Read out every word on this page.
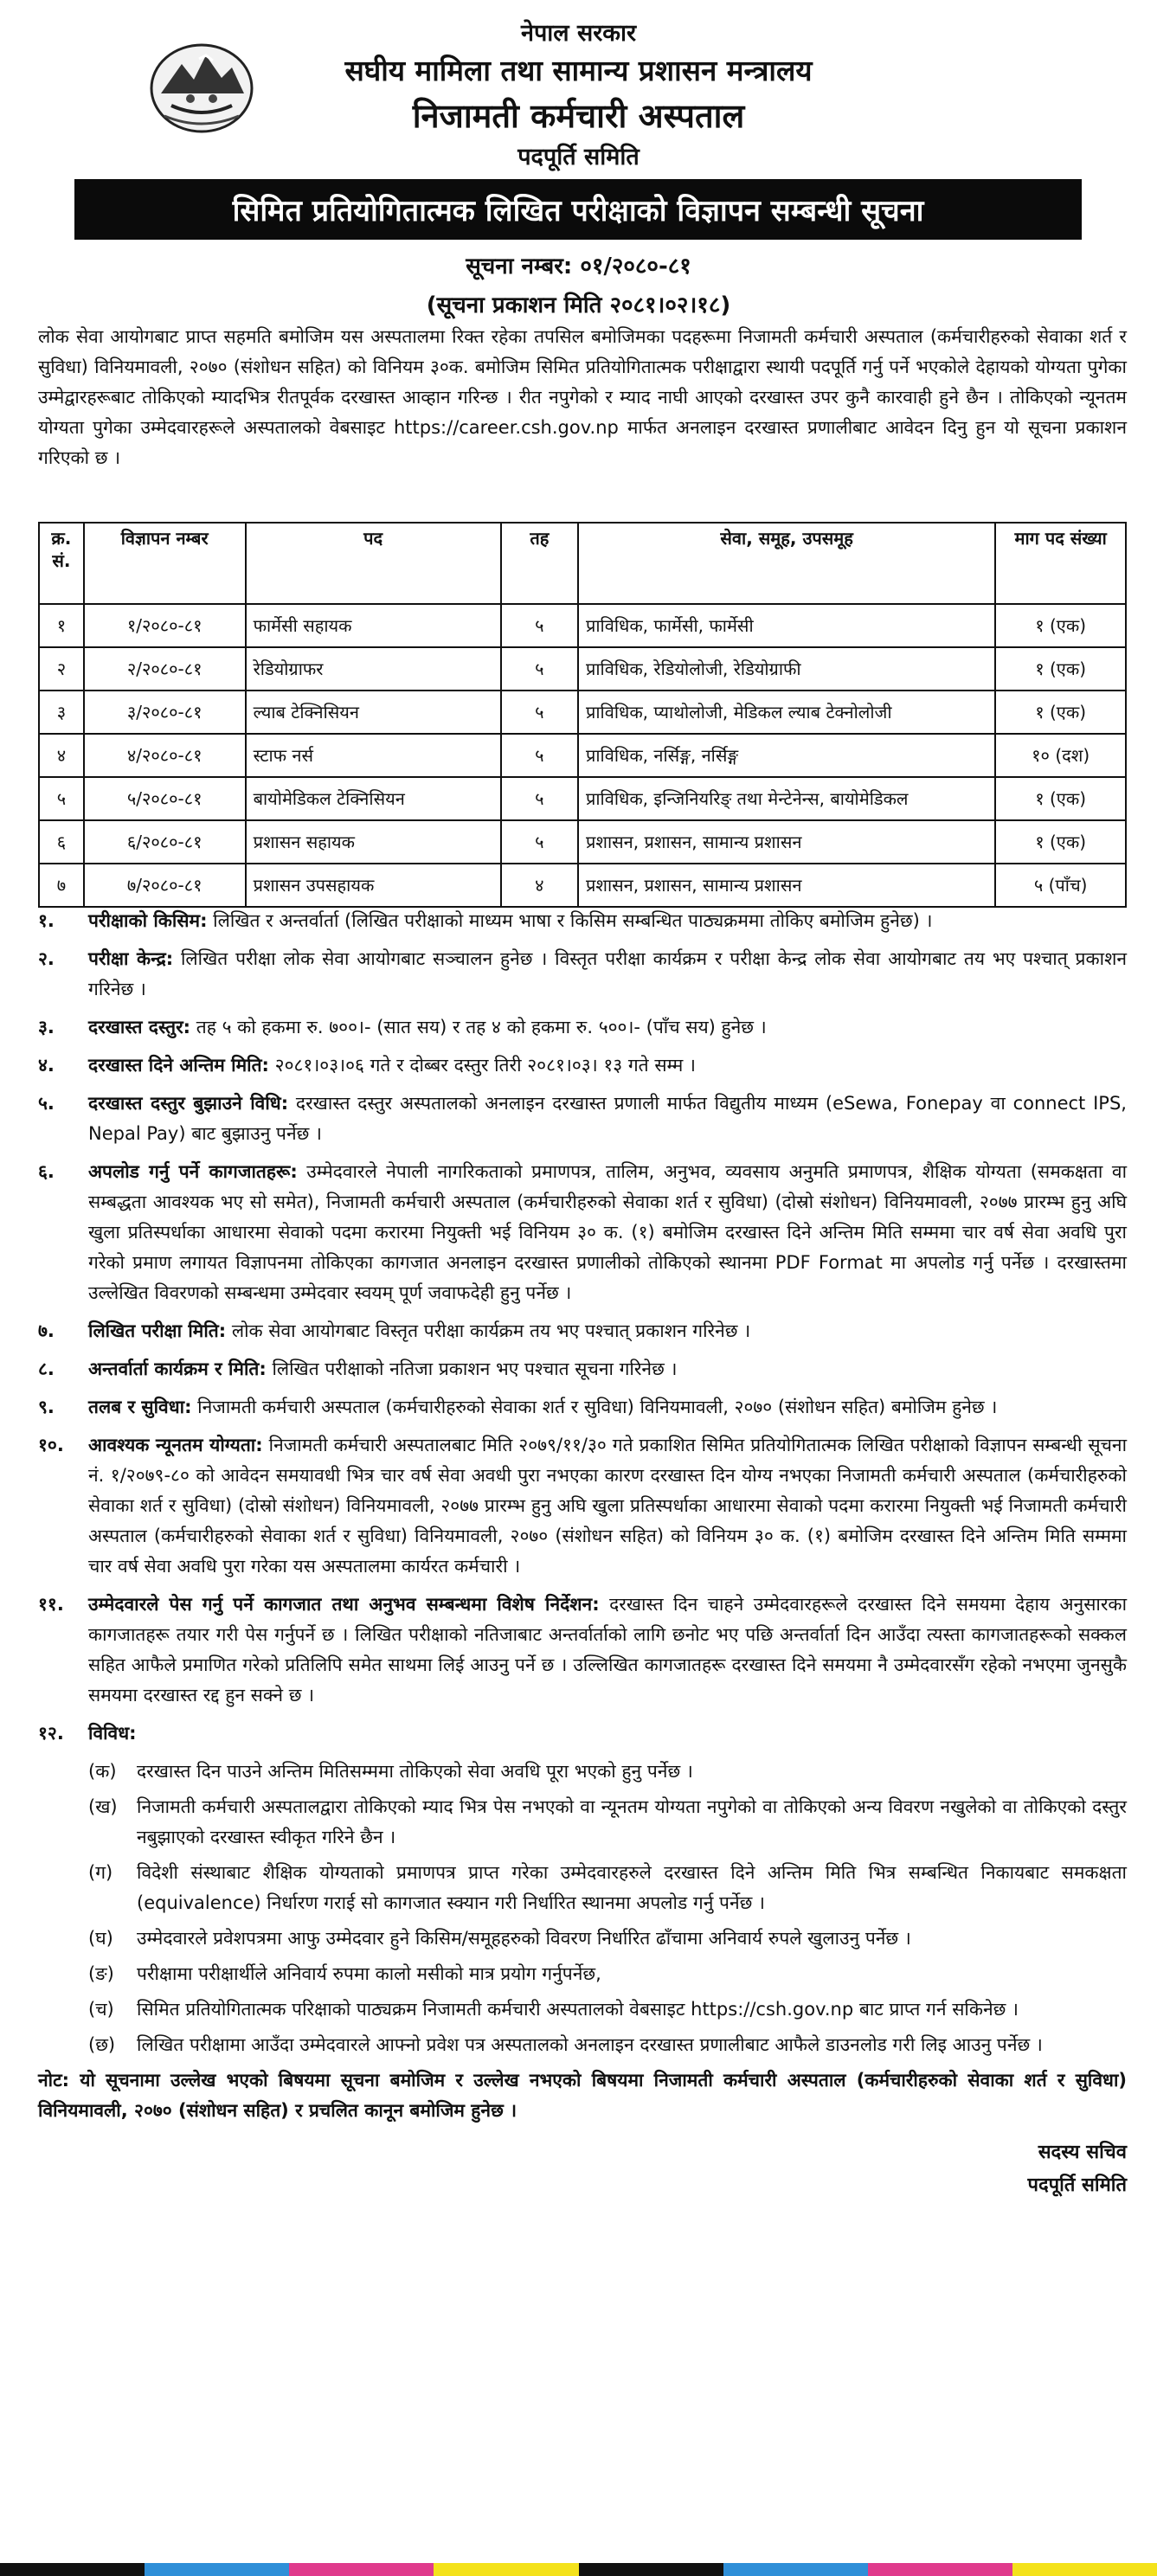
नेपाल सरकार
सघीय मामिला तथा सामान्य प्रशासन मन्त्रालय
निजामती कर्मचारी अस्पताल
पदपूर्ति समिति
सिमित प्रतियोगितात्मक लिखित परीक्षाको विज्ञापन सम्बन्धी सूचना
सूचना नम्बर: ०१/२०८०-८१
(सूचना प्रकाशन मिति २०८१।०२।१८)

लोक सेवा आयोगबाट प्राप्त सहमति बमोजिम यस अस्पतालमा रिक्त रहेका तपसिल बमोजिमका पदहरूमा निजामती कर्मचारी अस्पताल (कर्मचारीहरुको सेवाका शर्त र सुविधा) विनियमावली, २०७० (संशोधन सहित) को विनियम ३०क. बमोजिम सिमित प्रतियोगितात्मक परीक्षाद्वारा स्थायी पदपूर्ति गर्नु पर्ने भएकोले देहायको योग्यता पुगेका उम्मेद्वारहरूबाट तोकिएको म्यादभित्र रीतपूर्वक दरखास्त आव्हान गरिन्छ । रीत नपुगेको र म्याद नाघी आएको दरखास्त उपर कुनै कारवाही हुने छैन । तोकिएको न्यूनतम योग्यता पुगेका उम्मेदवारहरूले अस्पतालको वेबसाइट https://career.csh.gov.np मार्फत अनलाइन दरखास्त प्रणालीबाट आवेदन दिनु हुन यो सूचना प्रकाशन गरिएको छ ।

क्र. सं.	विज्ञापन नम्बर	पद	तह	सेवा, समूह, उपसमूह	माग पद संख्या
१	१/२०८०-८१	फार्मेसी सहायक	५	प्राविधिक, फार्मेसी, फार्मेसी	१ (एक)
२	२/२०८०-८१	रेडियोग्राफर	५	प्राविधिक, रेडियोलोजी, रेडियोग्राफी	१ (एक)
३	३/२०८०-८१	ल्याब टेक्निसियन	५	प्राविधिक, प्याथोलोजी, मेडिकल ल्याब टेक्नोलोजी	१ (एक)
४	४/२०८०-८१	स्टाफ नर्स	५	प्राविधिक, नर्सिङ्ग, नर्सिङ्ग	१० (दश)
५	५/२०८०-८१	बायोमेडिकल टेक्निसियन	५	प्राविधिक, इन्जिनियरिङ् तथा मेन्टेनेन्स, बायोमेडिकल	१ (एक)
६	६/२०८०-८१	प्रशासन सहायक	५	प्रशासन, प्रशासन, सामान्य प्रशासन	१ (एक)
७	७/२०८०-८१	प्रशासन उपसहायक	४	प्रशासन, प्रशासन, सामान्य प्रशासन	५ (पाँच)
१.	परीक्षाको किसिम: लिखित र अन्तर्वार्ता (लिखित परीक्षाको माध्यम भाषा र किसिम सम्बन्धित पाठ्यक्रममा तोकिए बमोजिम हुनेछ) ।
२.	परीक्षा केन्द्र: लिखित परीक्षा लोक सेवा आयोगबाट सञ्चालन हुनेछ । विस्तृत परीक्षा कार्यक्रम र परीक्षा केन्द्र लोक सेवा आयोगबाट तय भए पश्चात् प्रकाशन गरिनेछ ।
३.	दरखास्त दस्तुर: तह ५ को हकमा रु. ७००।- (सात सय) र तह ४ को हकमा रु. ५००।- (पाँच सय) हुनेछ ।
४.	दरखास्त दिने अन्तिम मिति: २०८१।०३।०६ गते र दोब्बर दस्तुर तिरी २०८१।०३। १३ गते सम्म ।
५.	दरखास्त दस्तुर बुझाउने विधि: दरखास्त दस्तुर अस्पतालको अनलाइन दरखास्त प्रणाली मार्फत विद्युतीय माध्यम (eSewa, Fonepay वा connect IPS, Nepal Pay) बाट बुझाउनु पर्नेछ ।
६.	अपलोड गर्नु पर्ने कागजातहरू: उम्मेदवारले नेपाली नागरिकताको प्रमाणपत्र, तालिम, अनुभव, व्यवसाय अनुमति प्रमाणपत्र, शैक्षिक योग्यता (समकक्षता वा सम्बद्धता आवश्यक भए सो समेत), निजामती कर्मचारी अस्पताल (कर्मचारीहरुको सेवाका शर्त र सुविधा) (दोस्रो संशोधन) विनियमावली, २०७७ प्रारम्भ हुनु अघि खुला प्रतिस्पर्धाका आधारमा सेवाको पदमा करारमा नियुक्ती भई विनियम ३० क. (१) बमोजिम दरखास्त दिने अन्तिम मिति सम्ममा चार वर्ष सेवा अवधि पुरा गरेको प्रमाण लगायत विज्ञापनमा तोकिएका कागजात अनलाइन दरखास्त प्रणालीको तोकिएको स्थानमा PDF Format मा अपलोड गर्नु पर्नेछ । दरखास्तमा उल्लेखित विवरणको सम्बन्धमा उम्मेदवार स्वयम् पूर्ण जवाफदेही हुनु पर्नेछ ।
७.	लिखित परीक्षा मिति: लोक सेवा आयोगबाट विस्तृत परीक्षा कार्यक्रम तय भए पश्चात् प्रकाशन गरिनेछ ।
८.	अन्तर्वार्ता कार्यक्रम र मिति: लिखित परीक्षाको नतिजा प्रकाशन भए पश्चात सूचना गरिनेछ ।
९.	तलब र सुविधा: निजामती कर्मचारी अस्पताल (कर्मचारीहरुको सेवाका शर्त र सुविधा) विनियमावली, २०७० (संशोधन सहित) बमोजिम हुनेछ ।
१०.	आवश्यक न्यूनतम योग्यता: निजामती कर्मचारी अस्पतालबाट मिति २०७९/११/३० गते प्रकाशित सिमित प्रतियोगितात्मक लिखित परीक्षाको विज्ञापन सम्बन्धी सूचना नं. १/२०७९-८० को आवेदन समयावधी भित्र चार वर्ष सेवा अवधी पुरा नभएका कारण दरखास्त दिन योग्य नभएका निजामती कर्मचारी अस्पताल (कर्मचारीहरुको सेवाका शर्त र सुविधा) (दोस्रो संशोधन) विनियमावली, २०७७ प्रारम्भ हुनु अघि खुला प्रतिस्पर्धाका आधारमा सेवाको पदमा करारमा नियुक्ती भई निजामती कर्मचारी अस्पताल (कर्मचारीहरुको सेवाका शर्त र सुविधा) विनियमावली, २०७० (संशोधन सहित) को विनियम ३० क. (१) बमोजिम दरखास्त दिने अन्तिम मिति सम्ममा चार वर्ष सेवा अवधि पुरा गरेका यस अस्पतालमा कार्यरत कर्मचारी ।
११.	उम्मेदवारले पेस गर्नु पर्ने कागजात तथा अनुभव सम्बन्धमा विशेष निर्देशन: दरखास्त दिन चाहने उम्मेदवारहरूले दरखास्त दिने समयमा देहाय अनुसारका कागजातहरू तयार गरी पेस गर्नुपर्ने छ । लिखित परीक्षाको नतिजाबाट अन्तर्वार्ताको लागि छनोट भए पछि अन्तर्वार्ता दिन आउँदा त्यस्ता कागजातहरूको सक्कल सहित आफैले प्रमाणित गरेको प्रतिलिपि समेत साथमा लिई आउनु पर्ने छ । उल्लिखित कागजातहरू दरखास्त दिने समयमा नै उम्मेदवारसँग रहेको नभएमा जुनसुकै समयमा दरखास्त रद्द हुन सक्ने छ ।
१२.	विविध:
(क)	दरखास्त दिन पाउने अन्तिम मितिसम्ममा तोकिएको सेवा अवधि पूरा भएको हुनु पर्नेछ ।
(ख)	निजामती कर्मचारी अस्पतालद्वारा तोकिएको म्याद भित्र पेस नभएको वा न्यूनतम योग्यता नपुगेको वा तोकिएको अन्य विवरण नखुलेको वा तोकिएको दस्तुर नबुझाएको दरखास्त स्वीकृत गरिने छैन ।
(ग)	विदेशी संस्थाबाट शैक्षिक योग्यताको प्रमाणपत्र प्राप्त गरेका उम्मेदवारहरुले दरखास्त दिने अन्तिम मिति भित्र सम्बन्धित निकायबाट समकक्षता (equivalence) निर्धारण गराई सो कागजात स्क्यान गरी निर्धारित स्थानमा अपलोड गर्नु पर्नेछ ।
(घ)	उम्मेदवारले प्रवेशपत्रमा आफु उम्मेदवार हुने किसिम/समूहहरुको विवरण निर्धारित ढाँचामा अनिवार्य रुपले खुलाउनु पर्नेछ ।
(ङ)	परीक्षामा परीक्षार्थीले अनिवार्य रुपमा कालो मसीको मात्र प्रयोग गर्नुपर्नेछ,
(च)	सिमित प्रतियोगितात्मक परिक्षाको पाठ्यक्रम निजामती कर्मचारी अस्पतालको वेबसाइट https://csh.gov.np बाट प्राप्त गर्न सकिनेछ ।
(छ)	लिखित परीक्षामा आउँदा उम्मेदवारले आफ्नो प्रवेश पत्र अस्पतालको अनलाइन दरखास्त प्रणालीबाट आफैले डाउनलोड गरी लिइ आउनु पर्नेछ ।
नोट: यो सूचनामा उल्लेख भएको बिषयमा सूचना बमोजिम र उल्लेख नभएको बिषयमा निजामती कर्मचारी अस्पताल (कर्मचारीहरुको सेवाका शर्त र सुविधा) विनियमावली, २०७० (संशोधन सहित) र प्रचलित कानून बमोजिम हुनेछ ।
सदस्य सचिव
पदपूर्ति समिति
